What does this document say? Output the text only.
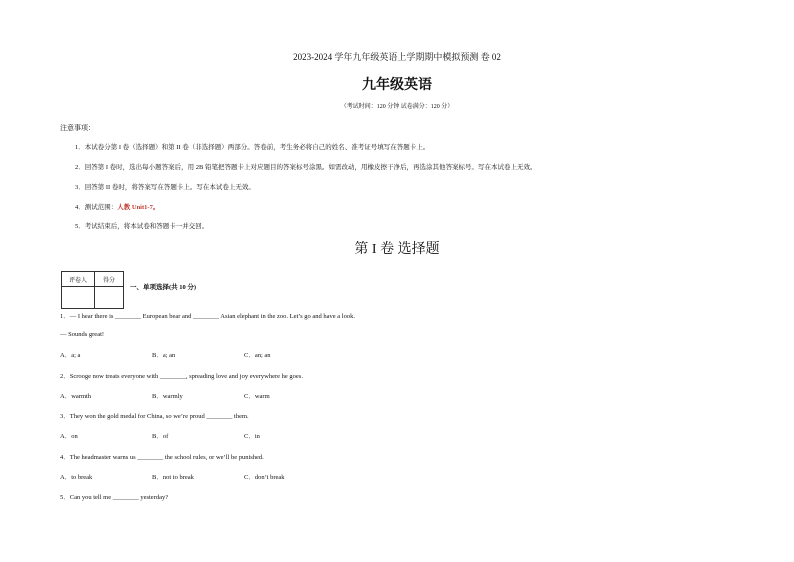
2023-2024 学年九年级英语上学期期中模拟预测 卷 02
九年级英语
（考试时间：120 分钟 试卷满分：120 分）
注意事项：
1．本试卷分第 I 卷（选择题）和第 II 卷（非选择题）两部分。答卷前，考生务必将自己的姓名、准考证号填写在答题卡上。
2．回答第 I 卷时，选出每小题答案后，用 2B 铅笔把答题卡上对应题目的答案标号涂黑。如需改动，用橡皮擦干净后，再选涂其他答案标号。写在本试卷上无效。
3．回答第 II 卷时，将答案写在答题卡上。写在本试卷上无效。
4．测试范围：人教 Unit1-7。
5．考试结束后，将本试卷和答题卡一并交回。
第 I 卷 选择题
评卷人	得分

一、单项选择(共 10 分)
1．— I hear there is ________ European bear and ________ Asian elephant in the zoo. Let’s go and have a look.
— Sounds great!
A．a; a	B．a; an	C．an; an
2．Scrooge now treats everyone with ________, spreading love and joy everywhere he goes.
A．warmth	B．warmly	C．warm
3．They won the gold medal for China, so we’re proud ________ them.
A．on	B．of	C．in
4．The headmaster warns us ________ the school rules, or we’ll be punished.
A．to break	B．not to break	C．don’t break
5．Can you tell me ________ yesterday?
